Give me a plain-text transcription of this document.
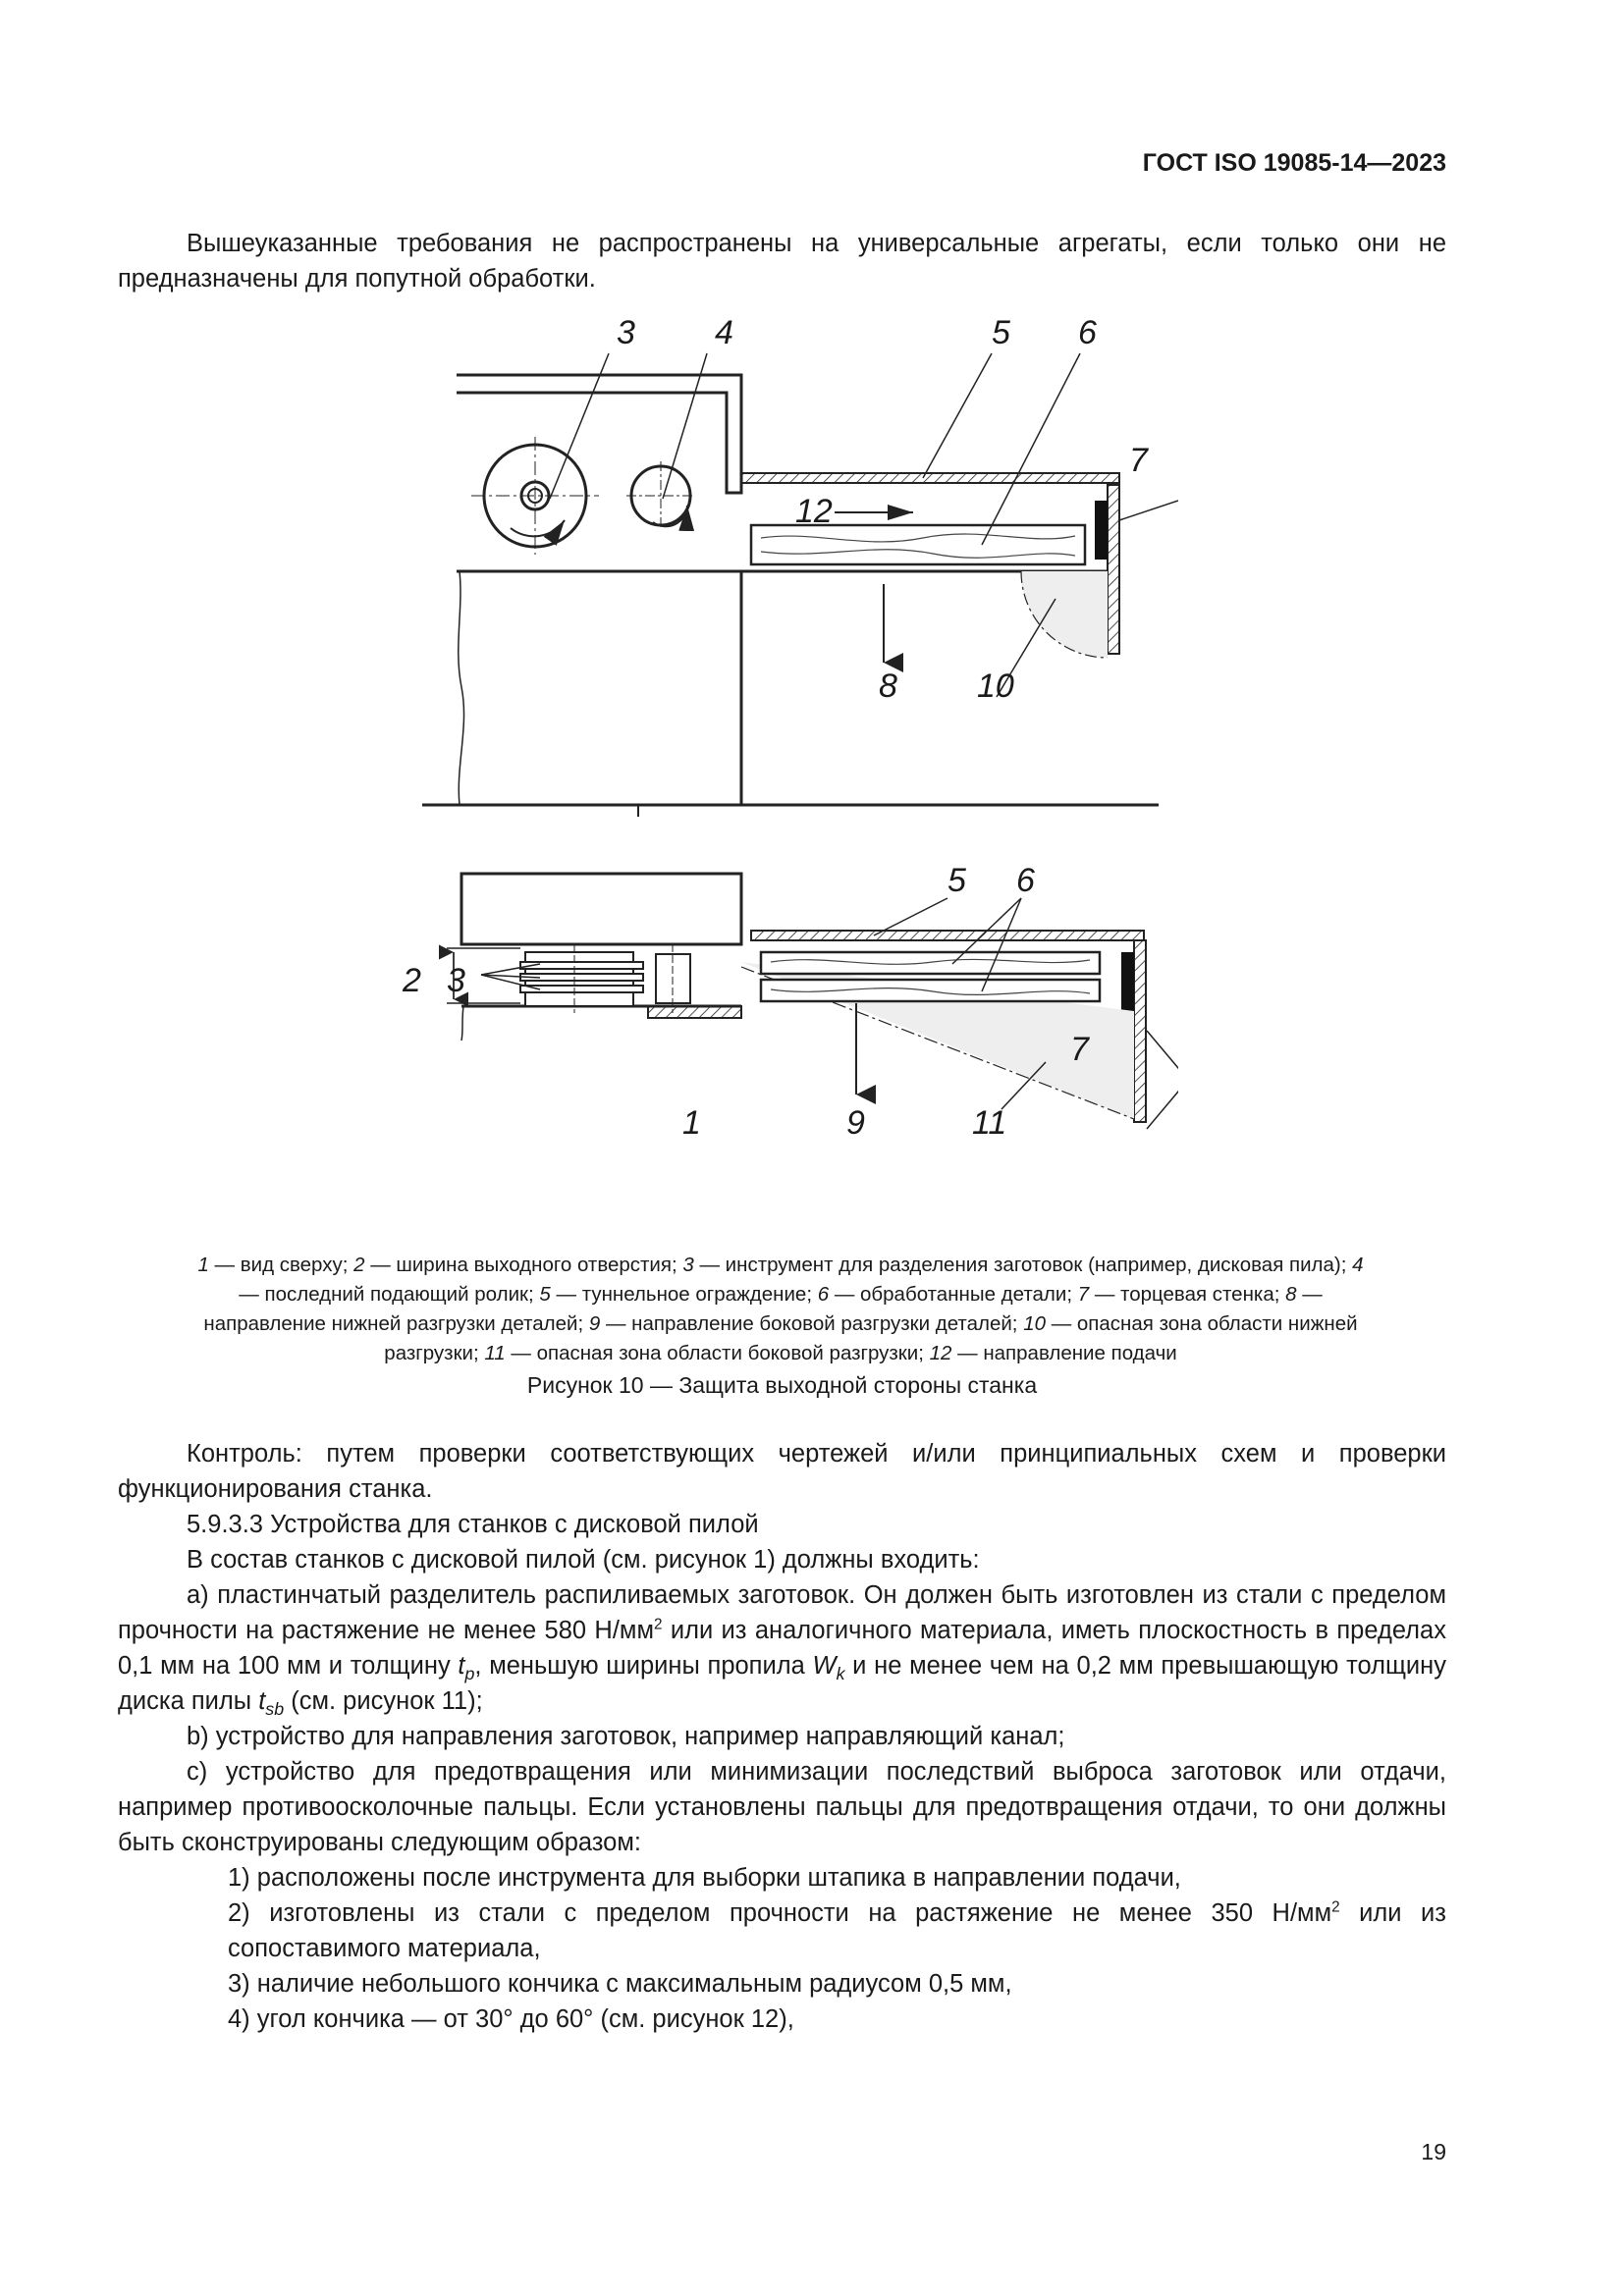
ГОСТ ISO 19085-14—2023

Вышеуказанные требования не распространены на универсальные агрегаты, если только они не предназначены для попутной обработки.

3 4	5 6
7
12
8 10
2 3
5 6
7
1	9	11
1 — вид сверху; 2 — ширина выходного отверстия; 3 — инструмент для разделения заготовок (например, дисковая пила); 4 — последний подающий ролик; 5 — туннельное ограждение; 6 — обработанные детали; 7 — торцевая стенка; 8 — направление нижней разгрузки деталей; 9 — направление боковой разгрузки деталей; 10 — опасная зона области нижней разгрузки; 11 — опасная зона области боковой разгрузки; 12 — направление подачи
Рисунок 10 — Защита выходной стороны станка

Контроль: путем проверки соответствующих чертежей и/или принципиальных схем и проверки функционирования станка.

5.9.3.3 Устройства для станков с дисковой пилой

В состав станков с дисковой пилой (см. рисунок 1) должны входить:

а) пластинчатый разделитель распиливаемых заготовок. Он должен быть изготовлен из стали с пределом прочности на растяжение не менее 580 $Н/мм^2$ или из аналогичного материала, иметь плоскостность в пределах 0,1 мм на 100 мм и толщину $t_p$, меньшую ширины пропила $W_k$ и не менее чем на 0,2 мм превышающую толщину диска пилы $t_{sb}$ (см. рисунок 11);

b) устройство для направления заготовок, например направляющий канал;

с) устройство для предотвращения или минимизации последствий выброса заготовок или отдачи, например противоосколочные пальцы. Если установлены пальцы для предотвращения отдачи, то они должны быть сконструированы следующим образом:

1) расположены после инструмента для выборки штапика в направлении подачи,

2) изготовлены из стали с пределом прочности на растяжение не менее 350 $Н/мм^2$ или из сопоставимого материала,

3) наличие небольшого кончика с максимальным радиусом 0,5 мм,

4) угол кончика — от 30° до 60° (см. рисунок 12),

19
